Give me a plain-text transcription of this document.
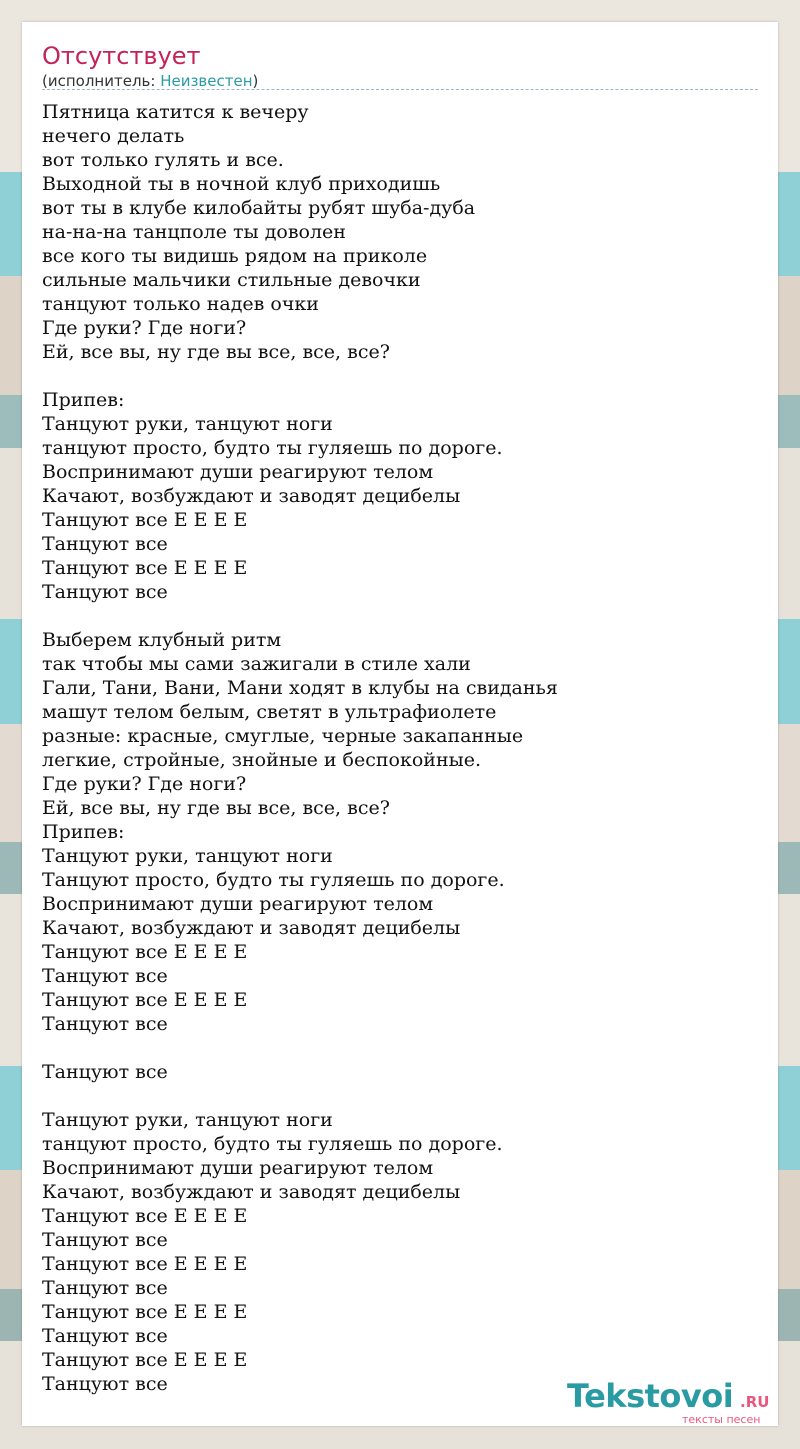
Отсутствует
(исполнитель: Неизвестен)
Пятница катится к вечеру
нечего делать
вот только гулять и все.
Выходной ты в ночной клуб приходишь
вот ты в клубе килобайты рубят шуба-дуба
на-на-на танцполе ты доволен
все кого ты видишь рядом на приколе
сильные мальчики стильные девочки
танцуют только надев очки
Где руки? Где ноги?
Ей, все вы, ну где вы все, все, все?
Припев:
Танцуют руки, танцуют ноги
танцуют просто, будто ты гуляешь по дороге.
Воспринимают души реагируют телом
Качают, возбуждают и заводят децибелы
Танцуют все Е Е Е Е
Танцуют все
Танцуют все Е Е Е Е
Танцуют все
Выберем клубный ритм
так чтобы мы сами зажигали в стиле хали
Гали, Тани, Вани, Мани ходят в клубы на свиданья
машут телом белым, светят в ультрафиолете
разные: красные, смуглые, черные закапанные
легкие, стройные, знойные и беспокойные.
Где руки? Где ноги?
Ей, все вы, ну где вы все, все, все?
Припев:
Танцуют руки, танцуют ноги
Танцуют просто, будто ты гуляешь по дороге.
Воспринимают души реагируют телом
Качают, возбуждают и заводят децибелы
Танцуют все Е Е Е Е
Танцуют все
Танцуют все Е Е Е Е
Танцуют все
Танцуют все
Танцуют руки, танцуют ноги
танцуют просто, будто ты гуляешь по дороге.
Воспринимают души реагируют телом
Качают, возбуждают и заводят децибелы
Танцуют все Е Е Е Е
Танцуют все
Танцуют все Е Е Е Е
Танцуют все
Танцуют все Е Е Е Е
Танцуют все
Танцуют все Е Е Е Е
Танцуют все	Tekstovoi .RU
тексты песен
